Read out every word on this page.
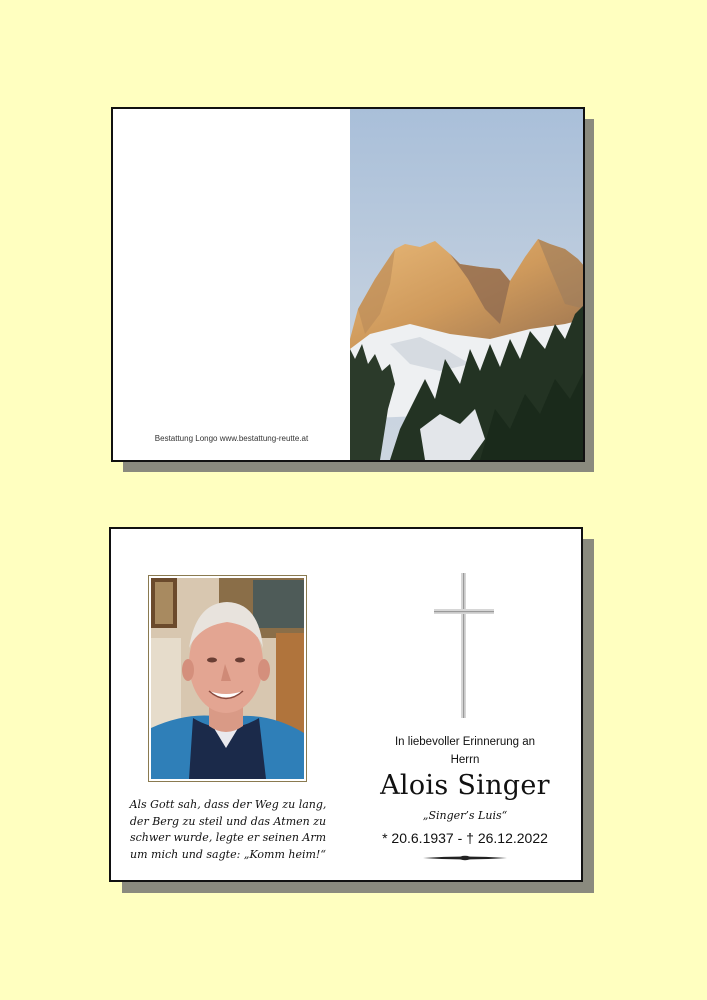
Bestattung Longo www.bestattung-reutte.at
Als Gott sah, dass der Weg zu lang,
der Berg zu steil und das Atmen zu
schwer wurde, legte er seinen Arm
um mich und sagte: „Komm heim!“
In liebevoller Erinnerung an
Herrn
Alois Singer
„Singer’s Luis“
* 20.6.1937 - † 26.12.2022
